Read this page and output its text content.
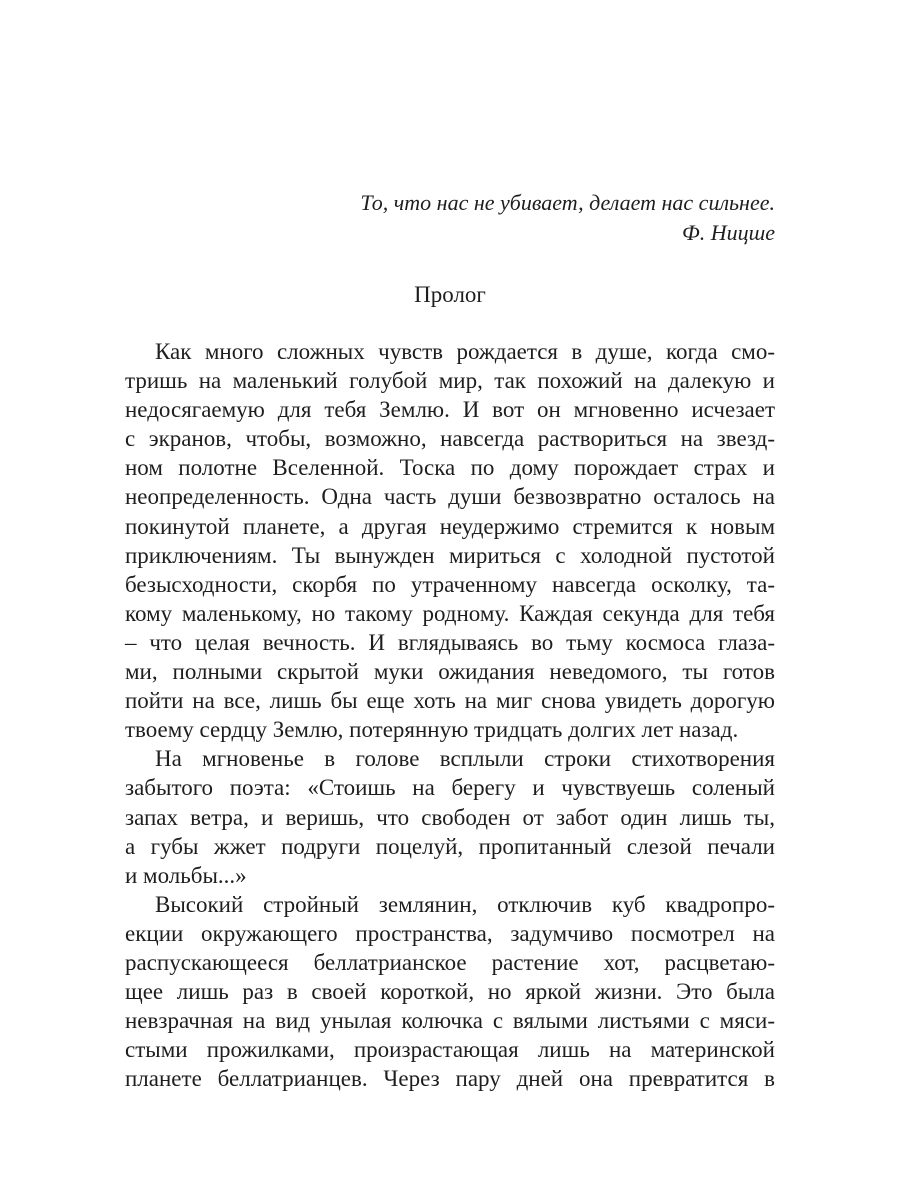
То, что нас не убивает, делает нас сильнее.
Ф. Ницше
Пролог
Как много сложных чувств рождается в душе, когда смо-
тришь на маленький голубой мир, так похожий на далекую и
недосягаемую для тебя Землю. И вот он мгновенно исчезает
с экранов, чтобы, возможно, навсегда раствориться на звезд-
ном полотне Вселенной. Тоска по дому порождает страх и
неопределенность. Одна часть души безвозвратно осталось на
покинутой планете, а другая неудержимо стремится к новым
приключениям. Ты вынужден мириться с холодной пустотой
безысходности, скорбя по утраченному навсегда осколку, та-
кому маленькому, но такому родному. Каждая секунда для тебя
– что целая вечность. И вглядываясь во тьму космоса глаза-
ми, полными скрытой муки ожидания неведомого, ты готов
пойти на все, лишь бы еще хоть на миг снова увидеть дорогую
твоему сердцу Землю, потерянную тридцать долгих лет назад.
На мгновенье в голове всплыли строки стихотворения
забытого поэта: «Стоишь на берегу и чувствуешь соленый
запах ветра, и веришь, что свободен от забот один лишь ты,
а губы жжет подруги поцелуй, пропитанный слезой печали
и мольбы...»
Высокий стройный землянин, отключив куб квадропро-
екции окружающего пространства, задумчиво посмотрел на
распускающееся беллатрианское растение хот, расцветаю-
щее лишь раз в своей короткой, но яркой жизни. Это была
невзрачная на вид унылая колючка с вялыми листьями с мяси-
стыми прожилками, произрастающая лишь на материнской
планете беллатрианцев. Через пару дней она превратится в
